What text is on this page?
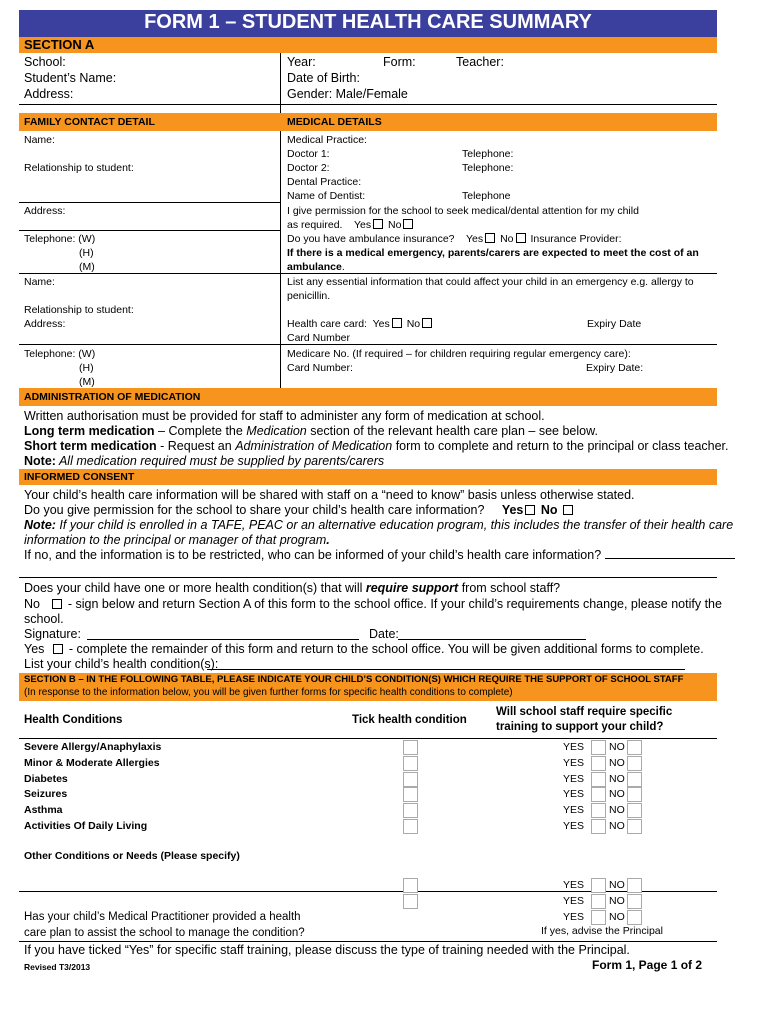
FORM 1 – STUDENT HEALTH CARE SUMMARY
SECTION A
School:
Student’s Name:
Address:
Year:	Form:	Teacher:
Date of Birth:
Gender: Male/Female
FAMILY CONTACT DETAIL	MEDICAL DETAILS
Name:
Relationship to student:
Address:
Telephone: (W)
(H)
(M)
Name:
Relationship to student:
Address:
Telephone: (W)
(H)
(M)
Medical Practice:
Doctor 1:	Telephone:
Doctor 2:	Telephone:
Dental Practice:
Name of Dentist:	Telephone
I give permission for the school to seek medical/dental attention for my child
as required. Yes No
Do you have ambulance insurance? Yes No Insurance Provider:
If there is a medical emergency, parents/carers are expected to meet the cost of an
ambulance.
List any essential information that could affect your child in an emergency e.g. allergy to
penicillin.
Health care card: Yes No	Expiry Date
Card Number
Medicare No. (If required – for children requiring regular emergency care):
Card Number:	Expiry Date:
ADMINISTRATION OF MEDICATION
Written authorisation must be provided for staff to administer any form of medication at school.
Long term medication – Complete the Medication section of the relevant health care plan – see below.
Short term medication - Request an Administration of Medication form to complete and return to the principal or class teacher.
Note: All medication required must be supplied by parents/carers
INFORMED CONSENT
Your child’s health care information will be shared with staff on a “need to know” basis unless otherwise stated.
Do you give permission for the school to share your child’s health care information? Yes No
Note: If your child is enrolled in a TAFE, PEAC or an alternative education program, this includes the transfer of their health care
information to the principal or manager of that program.
If no, and the information is to be restricted, who can be informed of your child’s health care information?
Does your child have one or more health condition(s) that will require support from school staff?
No    - sign below and return Section A of this form to the school office. If your child’s requirements change, please notify the
school.
Signature:	Date:
Yes   - complete the remainder of this form and return to the school office. You will be given additional forms to complete.
List your child’s health condition(s):
SECTION B – IN THE FOLLOWING TABLE, PLEASE INDICATE YOUR CHILD’S CONDITION(S) WHICH REQUIRE THE SUPPORT OF SCHOOL STAFF
(In response to the information below, you will be given further forms for specific health conditions to complete)
Health Conditions	Tick health condition
Will school staff require specific
training to support your child?
Severe Allergy/Anaphylaxis	YES NO
Minor & Moderate Allergies	YES NO
Diabetes	YES NO
Seizures	YES NO
Asthma	YES NO
Activities Of Daily Living	YES NO
Other Conditions or Needs (Please specify)
YES NO
YES NO
Has your child’s Medical Practitioner provided a health
care plan to assist the school to manage the condition?
YES NO
If yes, advise the Principal
If you have ticked “Yes” for specific staff training, please discuss the type of training needed with the Principal.
Revised T3/2013	Form 1, Page 1 of 2
